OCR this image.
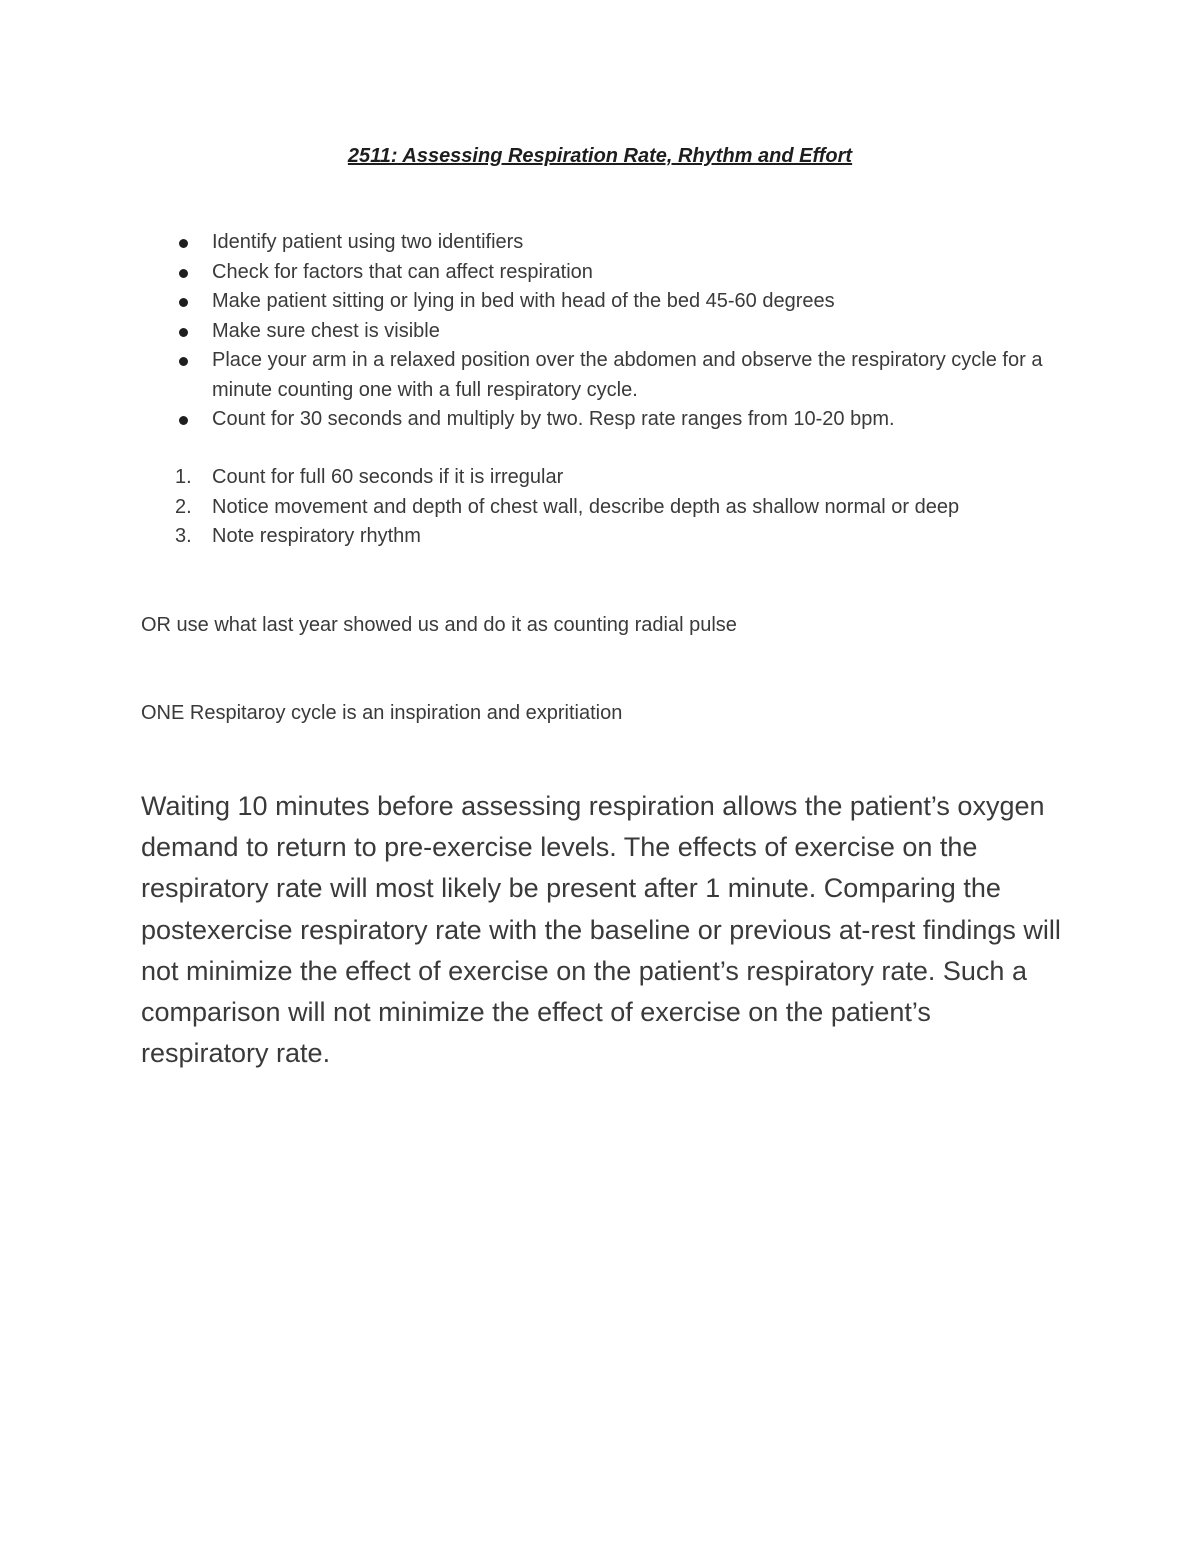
2511: Assessing Respiration Rate, Rhythm and Effort
Identify patient using two identifiers
Check for factors that can affect respiration
Make patient sitting or lying in bed with head of the bed 45-60 degrees
Make sure chest is visible
Place your arm in a relaxed position over the abdomen and observe the respiratory cycle for a minute counting one with a full respiratory cycle.
Count for 30 seconds and multiply by two. Resp rate ranges from 10-20 bpm.
1.	Count for full 60 seconds if it is irregular
2.	Notice movement and depth of chest wall, describe depth as shallow normal or deep
3.	Note respiratory rhythm

OR use what last year showed us and do it as counting radial pulse

ONE Respitaroy cycle is an inspiration and expritiation

Waiting 10 minutes before assessing respiration allows the patient’s oxygen demand to return to pre-exercise levels. The effects of exercise on the respiratory rate will most likely be present after 1 minute. Comparing the postexercise respiratory rate with the baseline or previous at-rest findings will not minimize the effect of exercise on the patient’s respiratory rate. Such a comparison will not minimize the effect of exercise on the patient’s respiratory rate.
